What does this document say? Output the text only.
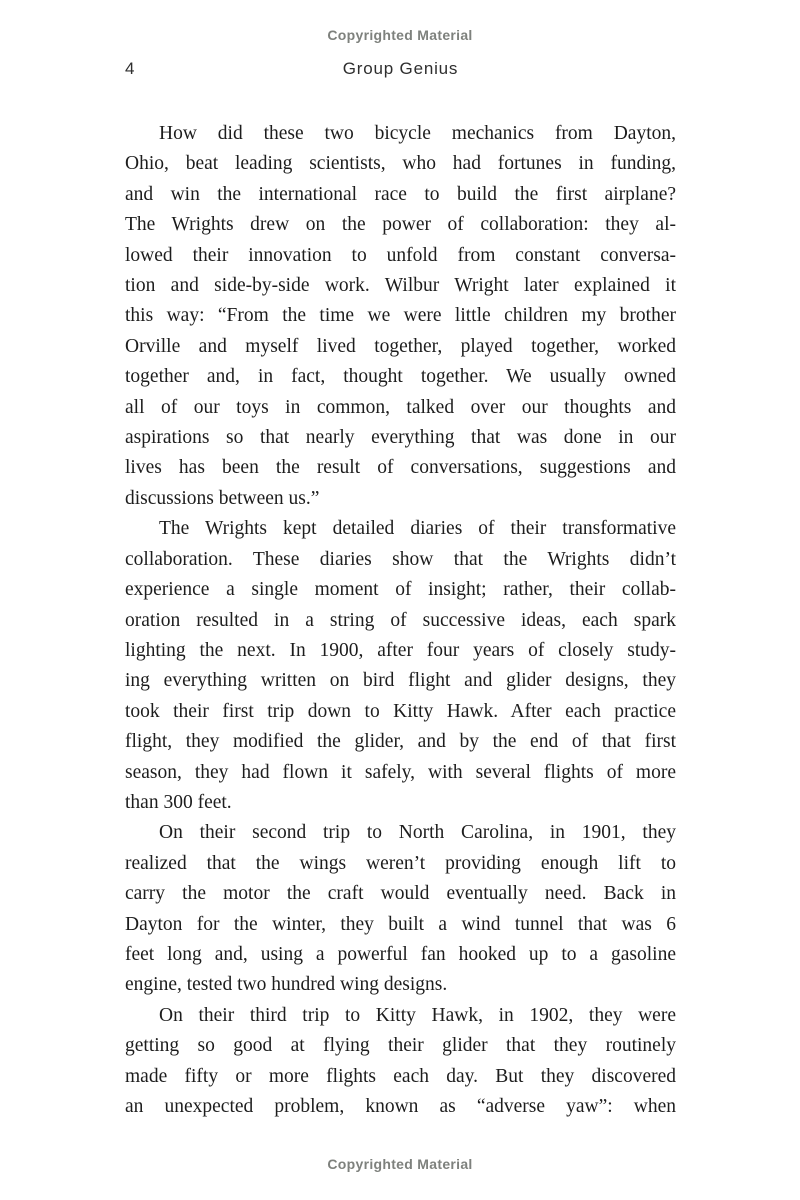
Copyrighted Material
4	Group Genius
How did these two bicycle mechanics from Dayton,
Ohio, beat leading scientists, who had fortunes in funding,
and win the international race to build the first airplane?
The Wrights drew on the power of collaboration: they al-
lowed their innovation to unfold from constant conversa-
tion and side-by-side work. Wilbur Wright later explained it
this way: “From the time we were little children my brother
Orville and myself lived together, played together, worked
together and, in fact, thought together. We usually owned
all of our toys in common, talked over our thoughts and
aspirations so that nearly everything that was done in our
lives has been the result of conversations, suggestions and
discussions between us.”
The Wrights kept detailed diaries of their transformative
collaboration. These diaries show that the Wrights didn’t
experience a single moment of insight; rather, their collab-
oration resulted in a string of successive ideas, each spark
lighting the next. In 1900, after four years of closely study-
ing everything written on bird flight and glider designs, they
took their first trip down to Kitty Hawk. After each practice
flight, they modified the glider, and by the end of that first
season, they had flown it safely, with several flights of more
than 300 feet.
On their second trip to North Carolina, in 1901, they
realized that the wings weren’t providing enough lift to
carry the motor the craft would eventually need. Back in
Dayton for the winter, they built a wind tunnel that was 6
feet long and, using a powerful fan hooked up to a gasoline
engine, tested two hundred wing designs.
On their third trip to Kitty Hawk, in 1902, they were
getting so good at flying their glider that they routinely
made fifty or more flights each day. But they discovered
an unexpected problem, known as “adverse yaw”: when
Copyrighted Material
